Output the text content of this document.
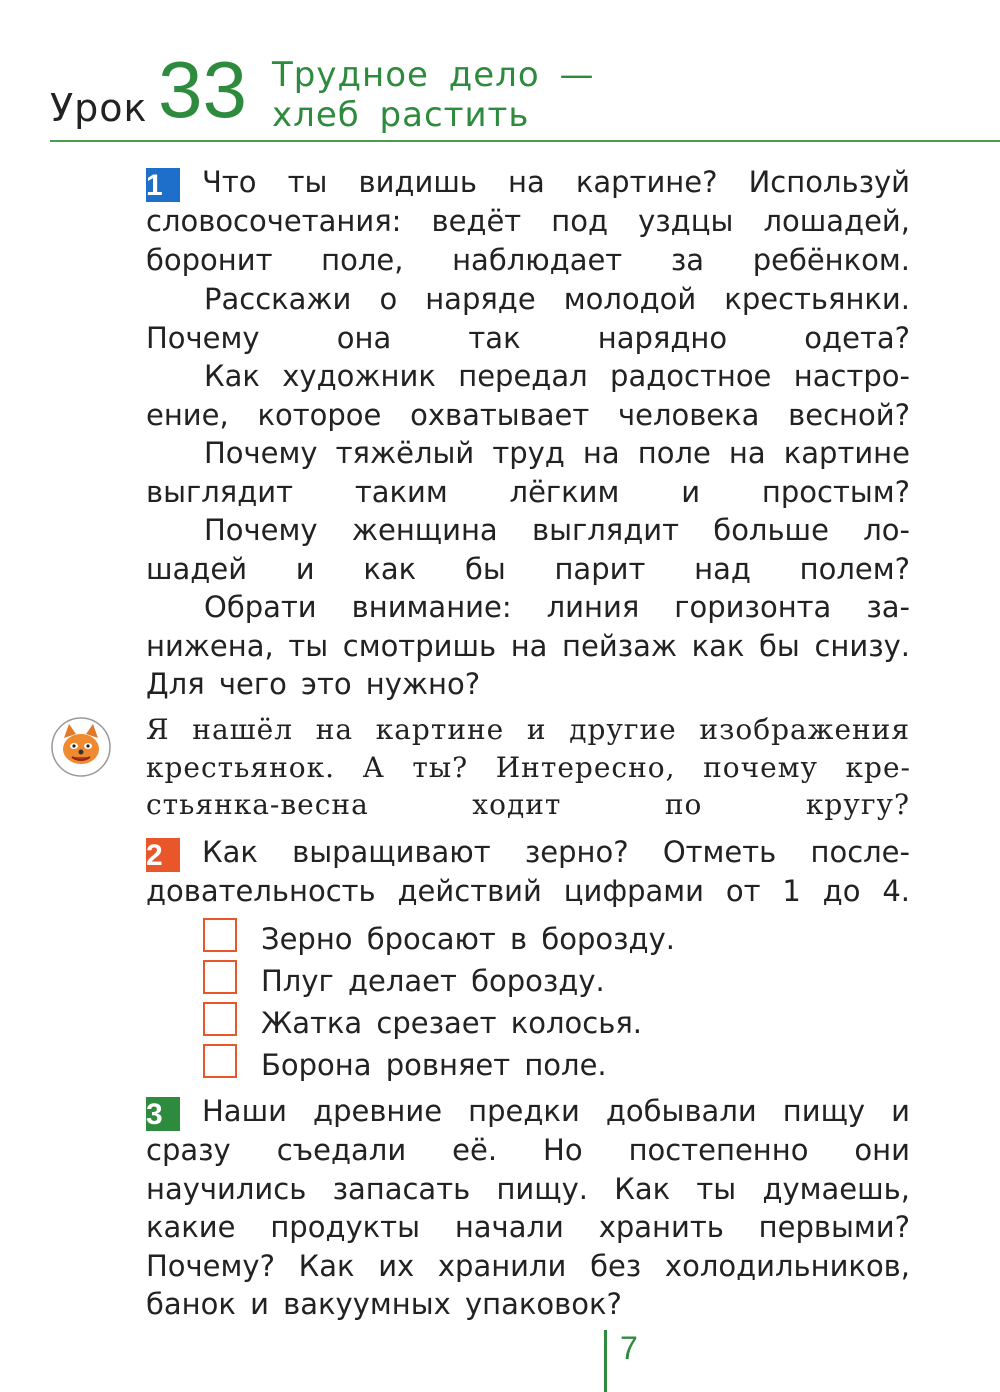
Урок 33 Трудное дело —
хлеб растить

1 Что ты видишь на картине? Используй словосочетания: ведёт под уздцы лошадей, боронит поле, наблюдает за ребёнком.

Расскажи о наряде молодой крестьянки. Почему она так нарядно одета?

Как художник передал радостное настроение, которое охватывает человека весной?

Почему тяжёлый труд на поле на картине выглядит таким лёгким и простым?

Почему женщина выглядит больше лошадей и как бы парит над полем?

Обрати внимание: линия горизонта занижена, ты смотришь на пейзаж как бы снизу. Для чего это нужно?

Я нашёл на картине и другие изображения крестьянок. А ты? Интересно, почему крестьянка-весна ходит по кругу?

2 Как выращивают зерно? Отметь последовательность действий цифрами от 1 до 4.

Зерно бросают в борозду.
Плуг делает борозду.
Жатка срезает колосья.
Борона ровняет поле.

3 Наши древние предки добывали пищу и сразу съедали её. Но постепенно они научились запасать пищу. Как ты думаешь, какие продукты начали хранить первыми? Почему? Как их хранили без холодильников, банок и вакуумных упаковок?

7
